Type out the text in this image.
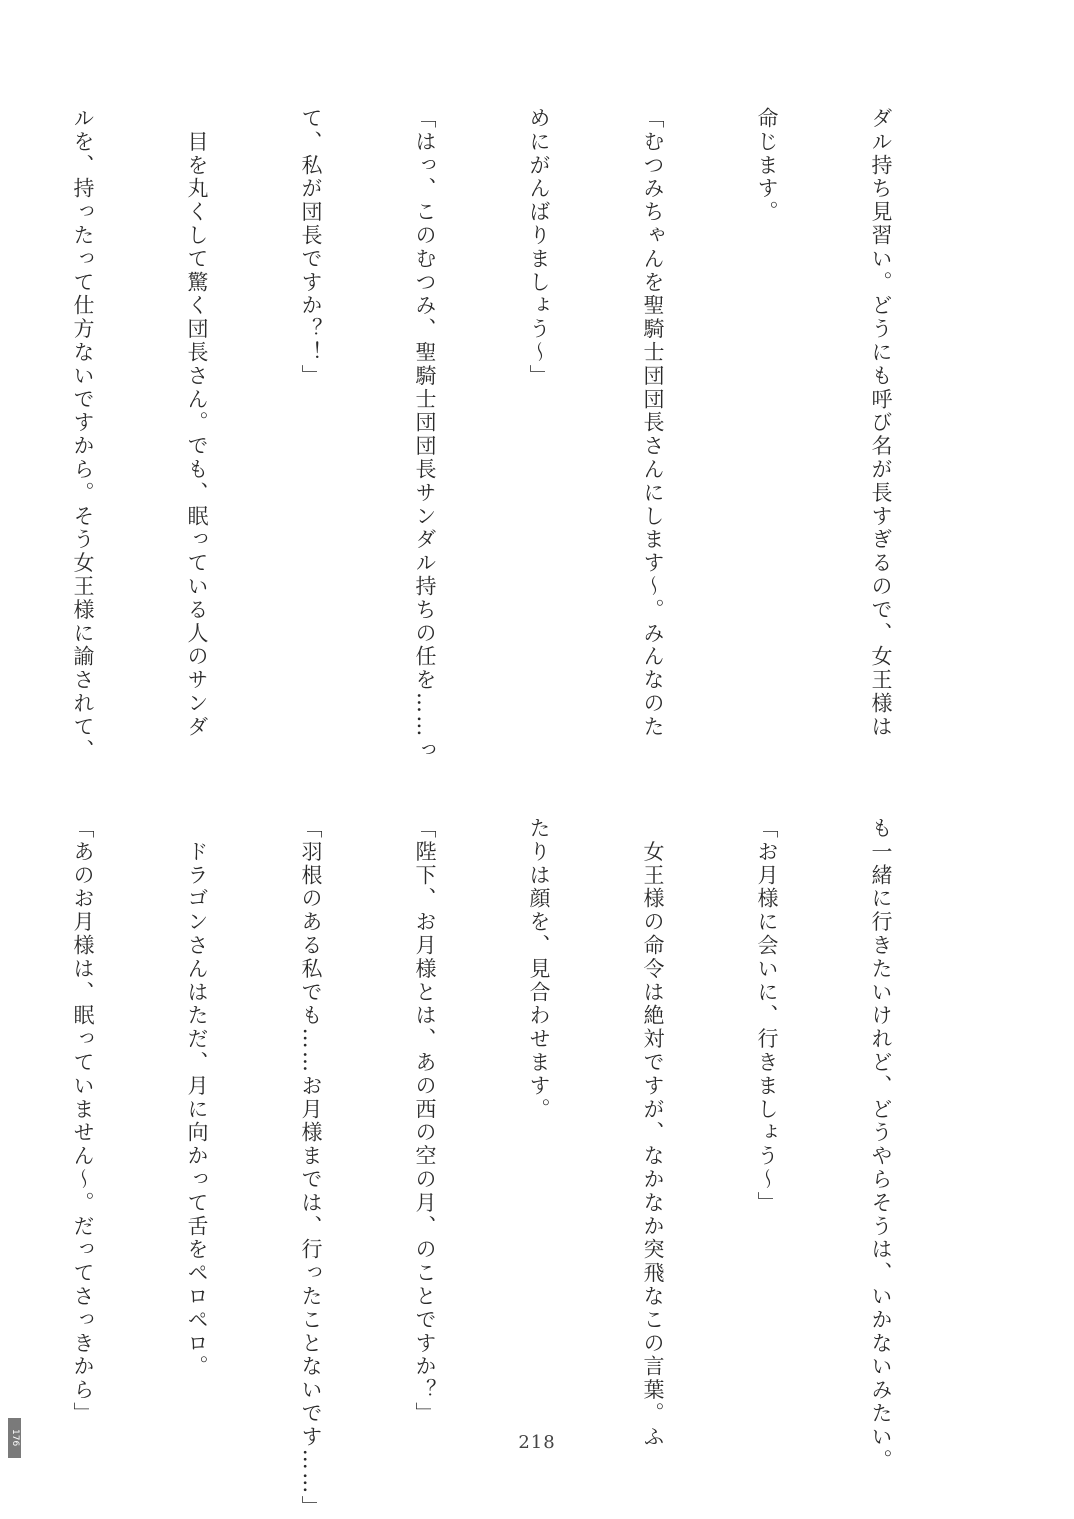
ダル持ち見習い。どうにも呼び名が長すぎるので、女王様は

命じます。

「むつみちゃんを聖騎士団団長さんにします〜。みんなのた

めにがんばりましょう〜」

「はっ、このむつみ、聖騎士団団長サンダル持ちの任を……っ

て、私が団長ですか？！」

　目を丸くして驚く団長さん。でも、眠っている人のサンダ

ルを、持ったって仕方ないですから。そう女王様に諭されて、

も一緒に行きたいけれど、どうやらそうは、いかないみたい。

「お月様に会いに、行きましょう〜」

　女王様の命令は絶対ですが、なかなか突飛なこの言葉。ふ

たりは顔を、見合わせます。

「陛下、お月様とは、あの西の空の月、のことですか？」

「羽根のある私でも……お月様までは、行ったことないです……」

　ドラゴンさんはただ、月に向かって舌をペロペロ。

「あのお月様は、眠っていません〜。だってさっきから」

218
176
